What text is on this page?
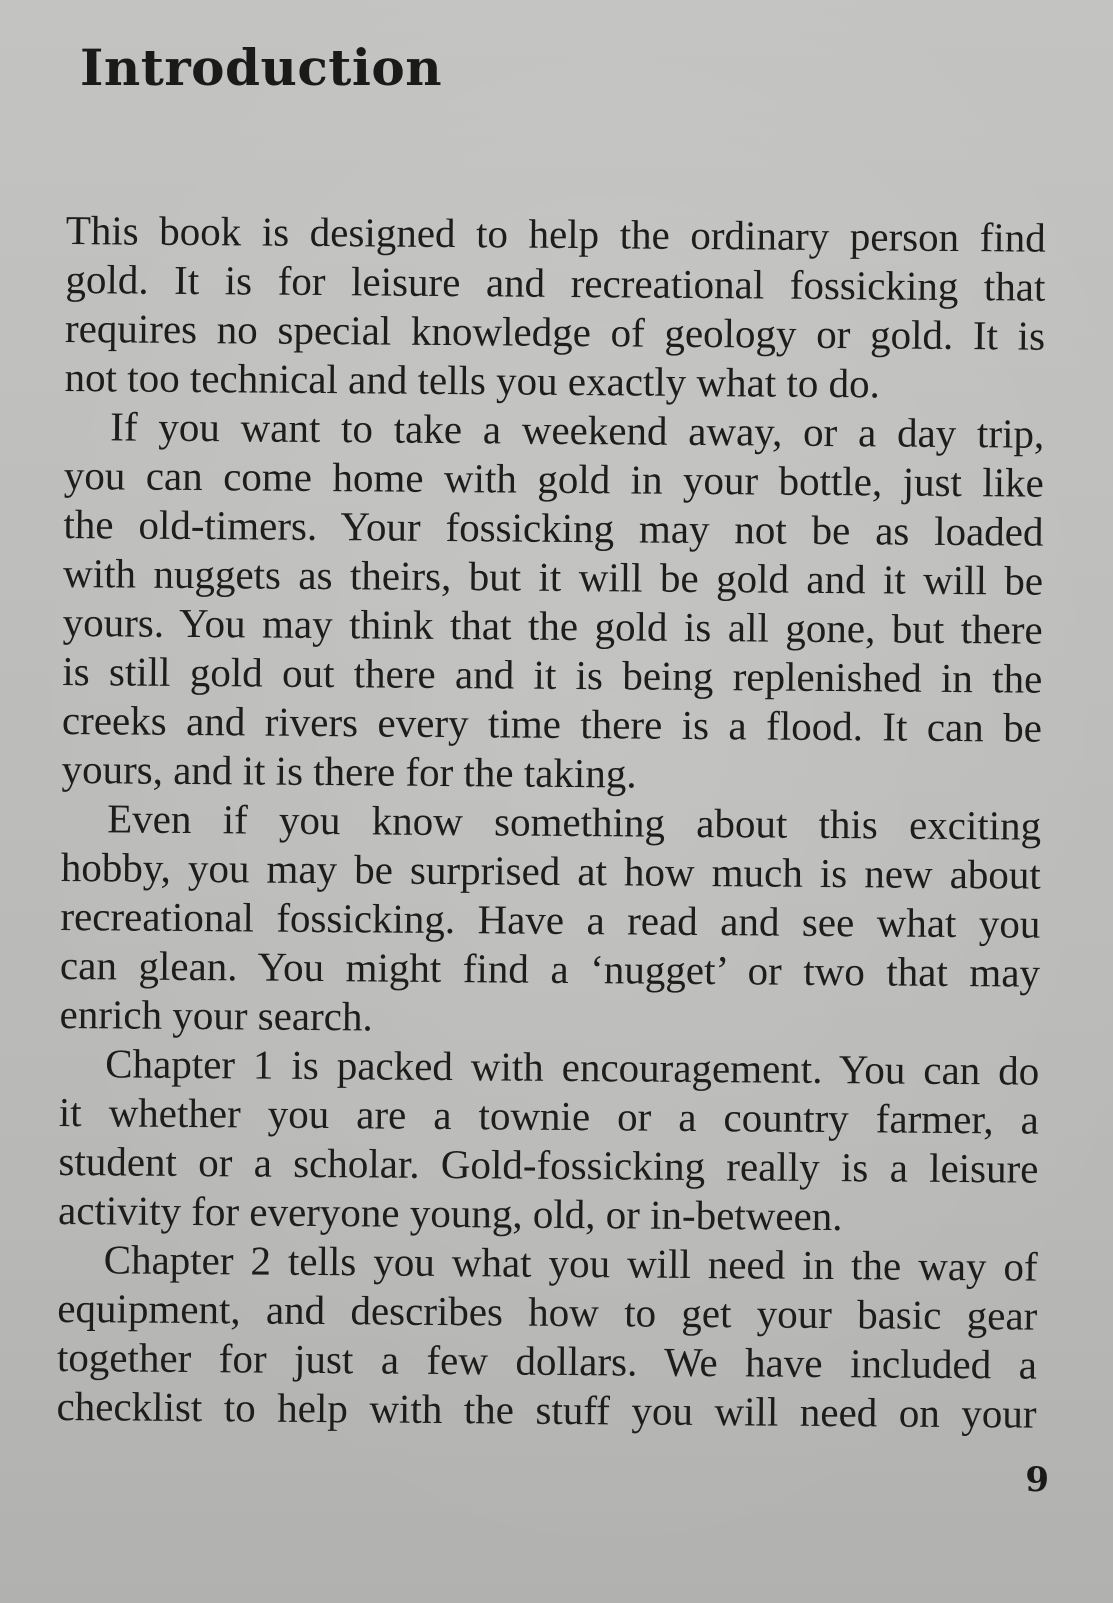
Introduction
This book is designed to help the ordinary person find
gold. It is for leisure and recreational fossicking that
requires no special knowledge of geology or gold. It is
not too technical and tells you exactly what to do.
If you want to take a weekend away, or a day trip,
you can come home with gold in your bottle, just like
the old-timers. Your fossicking may not be as loaded
with nuggets as theirs, but it will be gold and it will be
yours. You may think that the gold is all gone, but there
is still gold out there and it is being replenished in the
creeks and rivers every time there is a flood. It can be
yours, and it is there for the taking.
Even if you know something about this exciting
hobby, you may be surprised at how much is new about
recreational fossicking. Have a read and see what you
can glean. You might find a ‘nugget’ or two that may
enrich your search.
Chapter 1 is packed with encouragement. You can do
it whether you are a townie or a country farmer, a
student or a scholar. Gold-fossicking really is a leisure
activity for everyone young, old, or in-between.
Chapter 2 tells you what you will need in the way of
equipment, and describes how to get your basic gear
together for just a few dollars. We have included a
checklist to help with the stuff you will need on your
9
